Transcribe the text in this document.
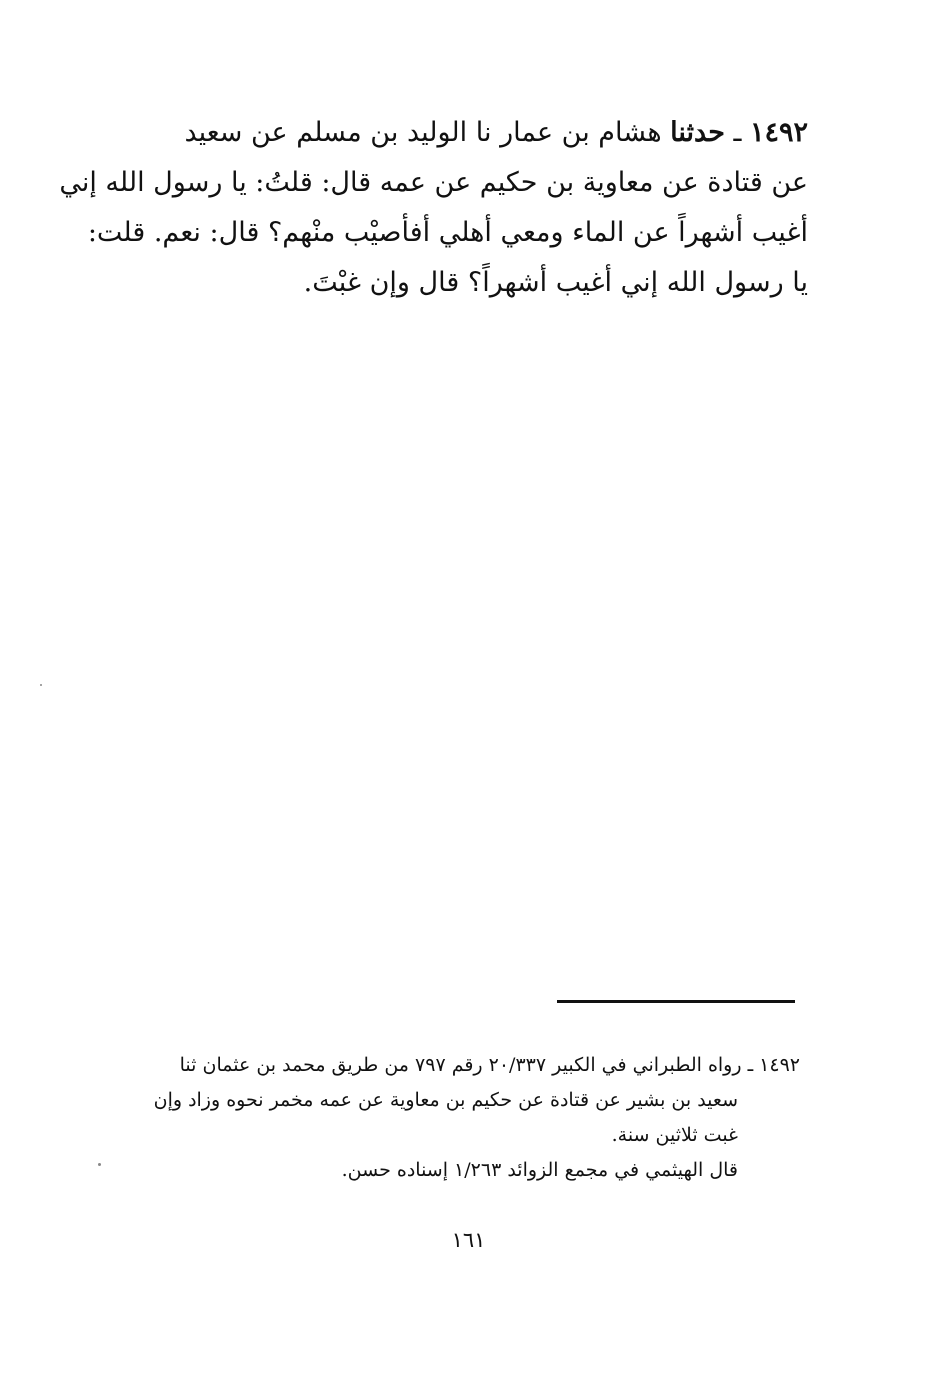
١٤٩٢ ـ حدثنا هشام بن عمار نا الوليد بن مسلم عن سعيد
عن قتادة عن معاوية بن حكيم عن عمه قال: قلتُ: يا رسول الله إني
أغيب أشهراً عن الماء ومعي أهلي أفأصيْب منْهم؟ قال: نعم. قلت:
يا رسول الله إني أغيب أشهراً؟ قال وإن غبْتَ.
١٤٩٢ ـ رواه الطبراني في الكبير ٢٠/٣٣٧ رقم ٧٩٧ من طريق محمد بن عثمان ثنا
سعيد بن بشير عن قتادة عن حكيم بن معاوية عن عمه مخمر نحوه وزاد وإن
غبت ثلاثين سنة.
قال الهيثمي في مجمع الزوائد ١/٢٦٣ إسناده حسن.
١٦١
